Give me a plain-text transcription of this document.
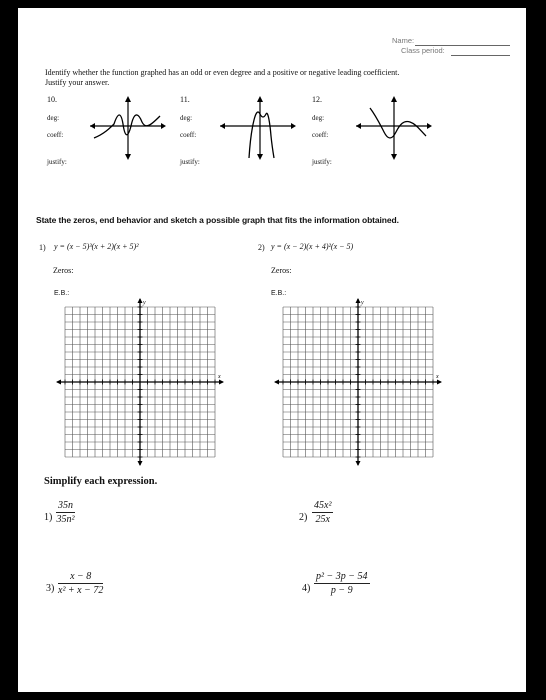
Name:
Class period:
Identify whether the function graphed has an odd or even degree and a positive or negative leading coefficient.
Justify your answer.
10.
deg:
coeff:
justify:
11.
deg:
coeff:
justify:
12.
deg:
coeff:
justify:
State the zeros, end behavior and sketch a possible graph that fits the information obtained.
1) y = (x − 5)³(x + 2)(x + 5)²
Zeros:
E.B.:
2) y = (x − 2)(x + 4)²(x − 5)
Zeros:
E.B.:
y
x
y
x
Simplify each expression.
$1) \frac{35n}{\text{35n²}}$	$2) \frac{\text{45x²}}{25x}$
$3) \frac{x - 8}{\text{x² + x − 72}}$	$4) \frac{\text{p² − 3p − 54}}{p - 9}$
